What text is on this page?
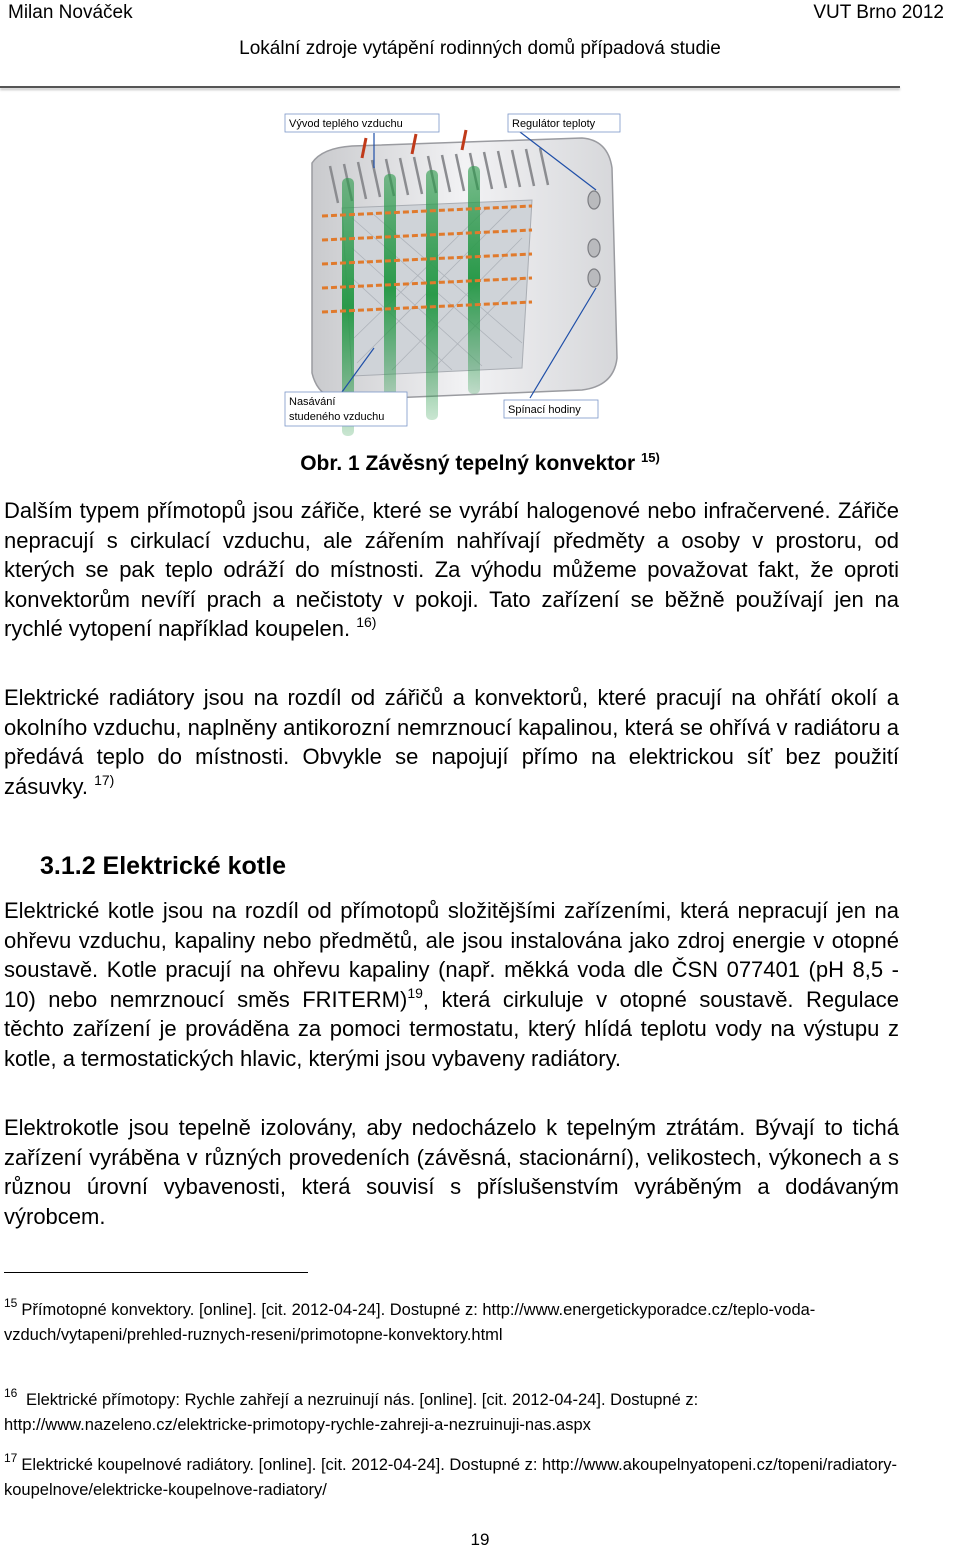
Milan Nováček	VUT Brno 2012
Lokální zdroje vytápění rodinných domů případová studie
Vývod teplého vzduchu	Regulátor teploty
Nasávání
studeného vzduchu
Spínací hodiny
Obr. 1 Závěsný tepelný konvektor $^{15)}$

Dalším typem přímotopů jsou zářiče, které se vyrábí halogenové nebo infračervené. Zářiče nepracují s cirkulací vzduchu, ale zářením nahřívají předměty a osoby v prostoru, od kterých se pak teplo odráží do místnosti. Za výhodu můžeme považovat fakt, že oproti konvektorům nevíří prach a nečistoty v pokoji. Tato zařízení se běžně používají jen na rychlé vytopení například koupelen. $^{16)}$

Elektrické radiátory jsou na rozdíl od zářičů a konvektorů, které pracují na ohřátí okolí a okolního vzduchu, naplněny antikorozní nemrznoucí kapalinou, která se ohřívá v radiátoru a předává teplo do místnosti. Obvykle se napojují přímo na elektrickou síť bez použití zásuvky. $^{17)}$

3.1.2 Elektrické kotle

Elektrické kotle jsou na rozdíl od přímotopů složitějšími zařízeními, která nepracují jen na ohřevu vzduchu, kapaliny nebo předmětů, ale jsou instalována jako zdroj energie v otopné soustavě. Kotle pracují na ohřevu kapaliny (např. měkká voda dle ČSN 077401 (pH 8,5 - 10) nebo nemrznoucí směs FRITERM)$^{19}$, která cirkuluje v otopné soustavě. Regulace těchto zařízení je prováděna za pomoci termostatu, který hlídá teplotu vody na výstupu z kotle, a termostatických hlavic, kterými jsou vybaveny radiátory.

Elektrokotle jsou tepelně izolovány, aby nedocházelo k tepelným ztrátám. Bývají to tichá zařízení vyráběna v různých provedeních (závěsná, stacionární), velikostech, výkonech a s různou úrovní vybavenosti, která souvisí s příslušenstvím vyráběným a dodávaným výrobcem.

$^{15}$ Přímotopné konvektory. [online]. [cit. 2012-04-24]. Dostupné z: http://www.energetickyporadce.cz/teplo-voda-vzduch/vytapeni/prehled-ruznych-reseni/primotopne-konvektory.html

$^{16}$ Elektrické přímotopy: Rychle zahřejí a nezruinují nás. [online]. [cit. 2012-04-24]. Dostupné z: http://www.nazeleno.cz/elektricke-primotopy-rychle-zahreji-a-nezruinuji-nas.aspx

$^{17}$ Elektrické koupelnové radiátory. [online]. [cit. 2012-04-24]. Dostupné z: http://www.akoupelnyatopeni.cz/topeni/radiatory-koupelnove/elektricke-koupelnove-radiatory/

19
